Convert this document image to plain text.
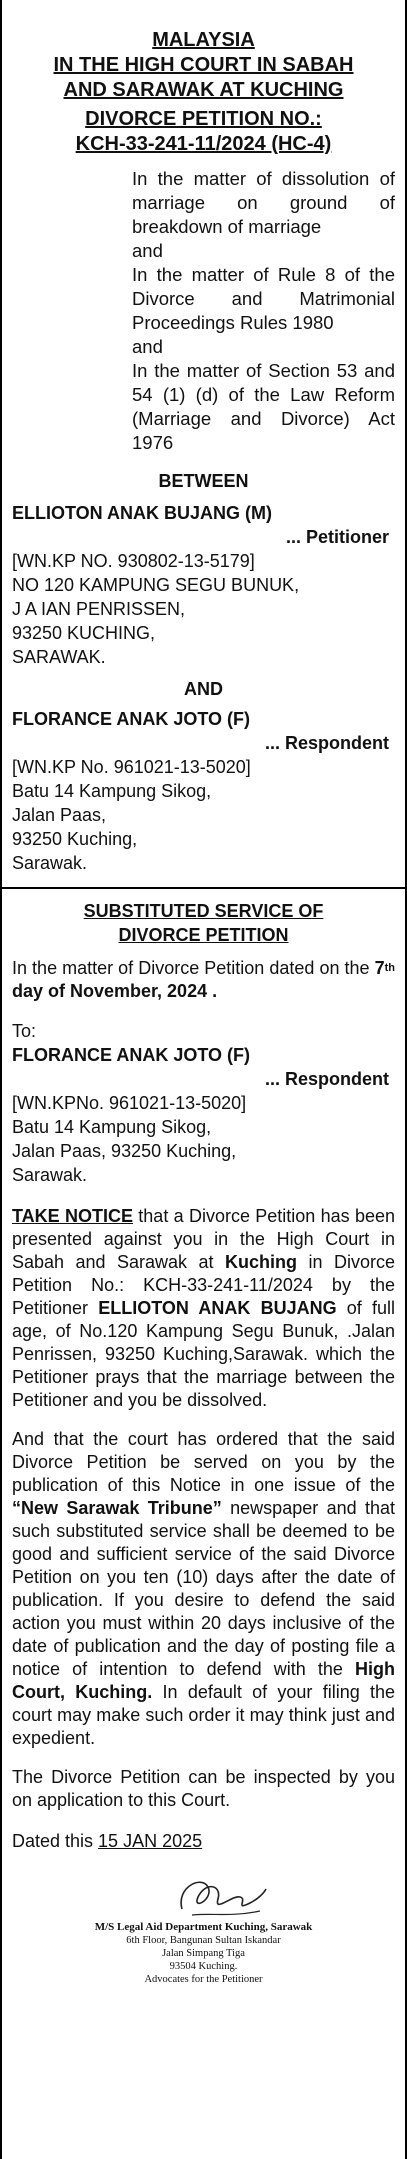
MALAYSIA
IN THE HIGH COURT IN SABAH
AND SARAWAK AT KUCHING
DIVORCE PETITION NO.:
KCH-33-241-11/2024 (HC-4)
In the matter of dissolution of marriage on ground of breakdown of marriage
and
In the matter of Rule 8 of the Divorce and Matrimonial Proceedings Rules 1980
and
In the matter of Section 53 and 54 (1) (d) of the Law Reform (Marriage and Divorce) Act 1976
BETWEEN
ELLIOTON ANAK BUJANG (M)
... Petitioner
[WN.KP NO. 930802-13-5179]
NO 120 KAMPUNG SEGU BUNUK,
J A IAN PENRISSEN,
93250 KUCHING,
SARAWAK.
AND
FLORANCE ANAK JOTO (F)
... Respondent
[WN.KP No. 961021-13-5020]
Batu 14 Kampung Sikog,
Jalan Paas,
93250 Kuching,
Sarawak.
SUBSTITUTED SERVICE OF
DIVORCE PETITION
In the matter of Divorce Petition dated on the 7th day of November, 2024 .
To:
FLORANCE ANAK JOTO (F)
... Respondent
[WN.KPNo. 961021-13-5020]
Batu 14 Kampung Sikog,
Jalan Paas, 93250 Kuching,
Sarawak.
TAKE NOTICE that a Divorce Petition has been presented against you in the High Court in Sabah and Sarawak at Kuching in Divorce Petition No.: KCH-33-241-11/2024 by the Petitioner ELLIOTON ANAK BUJANG of full age, of No.120 Kampung Segu Bunuk, .Jalan Penrissen, 93250 Kuching,Sarawak. which the Petitioner prays that the marriage between the Petitioner and you be dissolved.
And that the court has ordered that the said Divorce Petition be served on you by the publication of this Notice in one issue of the “New Sarawak Tribune” newspaper and that such substituted service shall be deemed to be good and sufficient service of the said Divorce Petition on you ten (10) days after the date of publication. If you desire to defend the said action you must within 20 days inclusive of the date of publication and the day of posting file a notice of intention to defend with the High Court, Kuching. In default of your filing the court may make such order it may think just and expedient.
The Divorce Petition can be inspected by you on application to this Court.
Dated this 15 JAN 2025
M/S Legal Aid Department Kuching, Sarawak
6th Floor, Bangunan Sultan Iskandar
Jalan Simpang Tiga
93504 Kuching.
Advocates for the Petitioner
